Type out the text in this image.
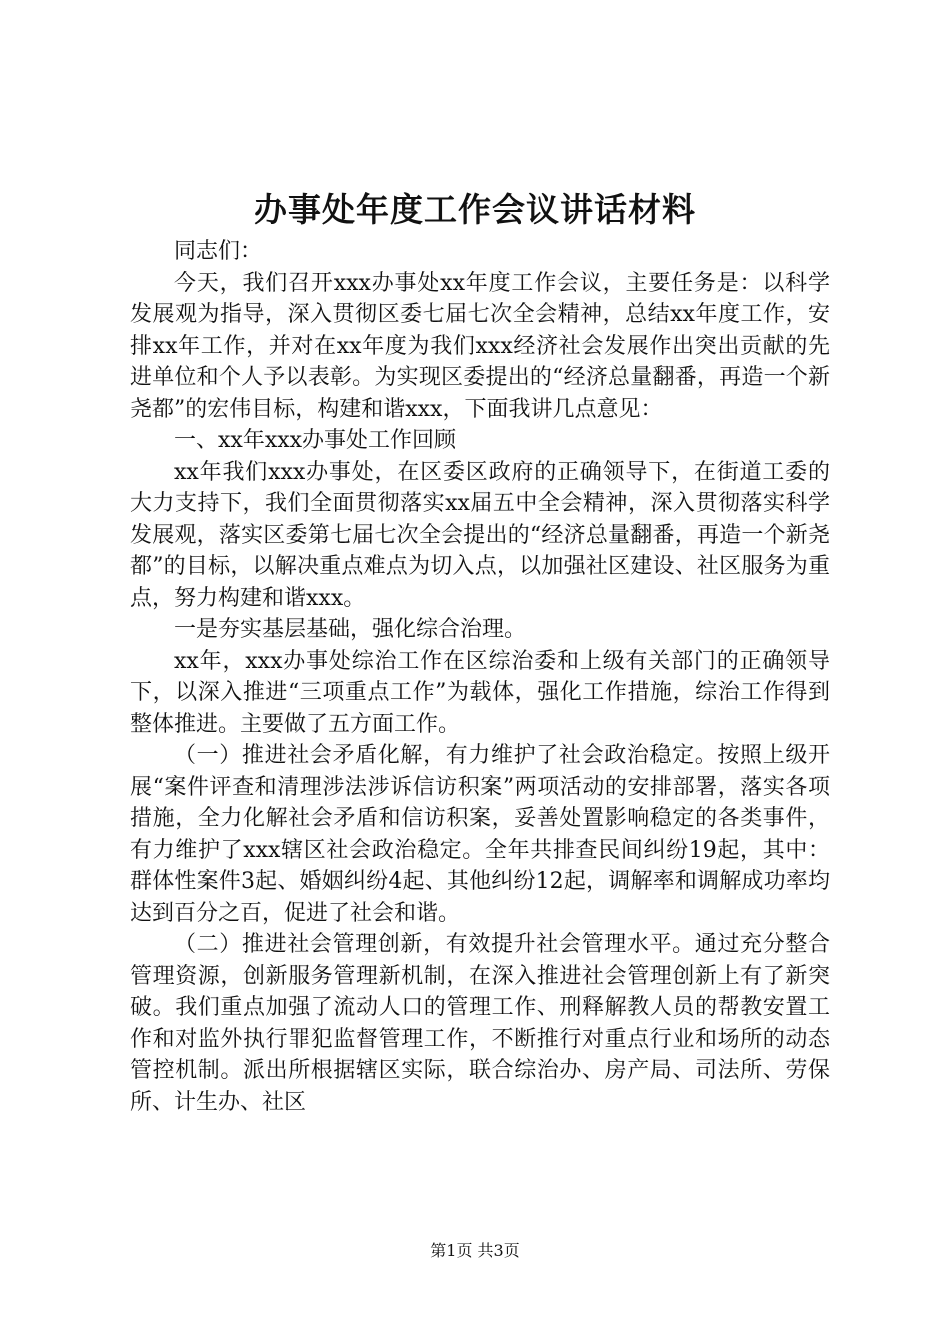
办事处年度工作会议讲话材料

同志们：

今天，我们召开xxx办事处xx年度工作会议，主要任务是：以科学发展观为指导，深入贯彻区委七届七次全会精神，总结xx年度工作，安排xx年工作，并对在xx年度为我们xxx经济社会发展作出突出贡献的先进单位和个人予以表彰。为实现区委提出的“经济总量翻番，再造一个新尧都”的宏伟目标，构建和谐xxx，下面我讲几点意见：

一、xx年xxx办事处工作回顾

xx年我们xxx办事处，在区委区政府的正确领导下，在街道工委的大力支持下，我们全面贯彻落实xx届五中全会精神，深入贯彻落实科学发展观，落实区委第七届七次全会提出的“经济总量翻番，再造一个新尧都”的目标，以解决重点难点为切入点，以加强社区建设、社区服务为重点，努力构建和谐xxx。

一是夯实基层基础，强化综合治理。

xx年，xxx办事处综治工作在区综治委和上级有关部门的正确领导下，以深入推进“三项重点工作”为载体，强化工作措施，综治工作得到整体推进。主要做了五方面工作。

（一）推进社会矛盾化解，有力维护了社会政治稳定。按照上级开展“案件评查和清理涉法涉诉信访积案”两项活动的安排部署，落实各项措施，全力化解社会矛盾和信访积案，妥善处置影响稳定的各类事件，有力维护了xxx辖区社会政治稳定。全年共排查民间纠纷19起，其中：群体性案件3起、婚姻纠纷4起、其他纠纷12起，调解率和调解成功率均达到百分之百，促进了社会和谐。

（二）推进社会管理创新，有效提升社会管理水平。通过充分整合管理资源，创新服务管理新机制，在深入推进社会管理创新上有了新突破。我们重点加强了流动人口的管理工作、刑释解教人员的帮教安置工作和对监外执行罪犯监督管理工作，不断推行对重点行业和场所的动态管控机制。派出所根据辖区实际，联合综治办、房产局、司法所、劳保所、计生办、社区

第1页 共3页
